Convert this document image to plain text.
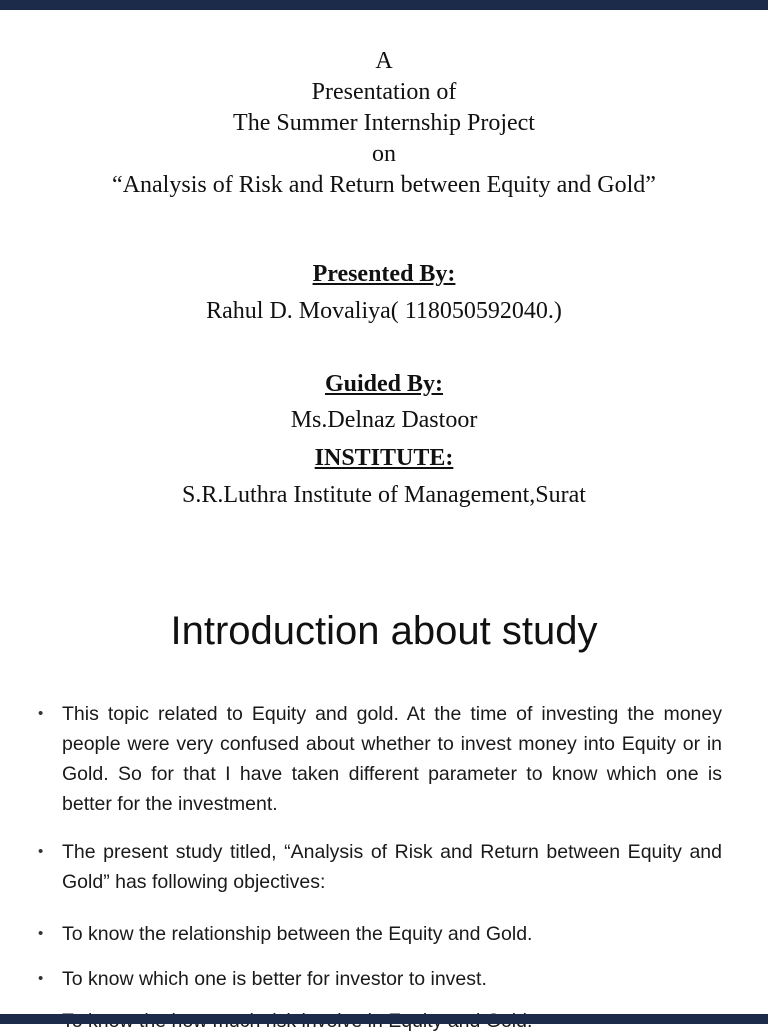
A

Presentation of

The Summer Internship Project

on

“Analysis of Risk and Return between Equity and Gold”

Presented By:

Rahul D. Movaliya( 118050592040.)

Guided By:

Ms.Delnaz Dastoor

INSTITUTE:

S.R.Luthra Institute of Management,Surat

Introduction about study
• This topic related to Equity and gold. At the time of investing the money people were very confused about whether to invest money into Equity or in Gold. So for that I have taken different parameter to know which one is better for the investment.
• The present study titled, “Analysis of Risk and Return between Equity and Gold” has following objectives:
• To know the relationship between the Equity and Gold.
• To know which one is better for investor to invest.
